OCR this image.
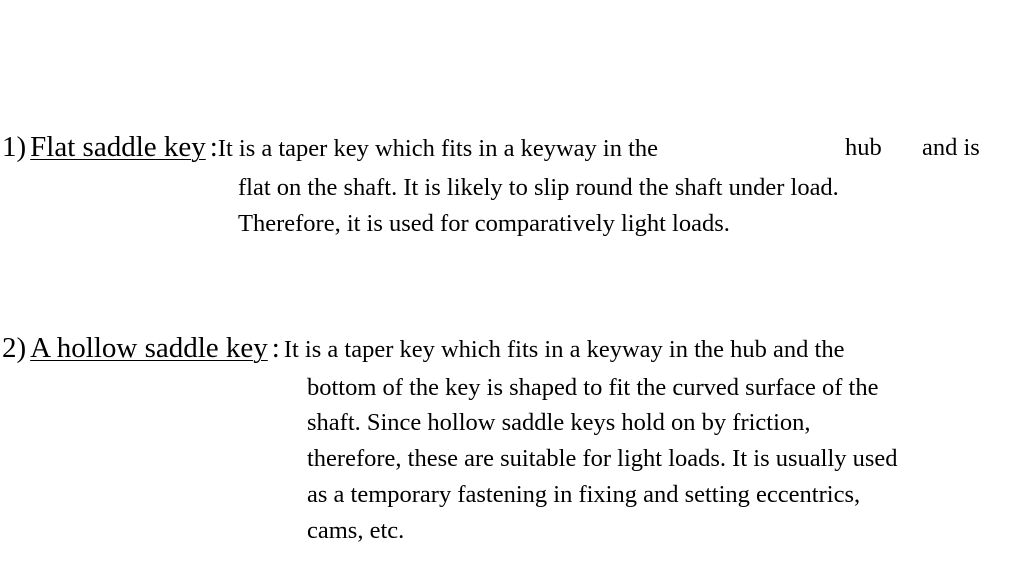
1) Flat saddle key :It is a taper key which fits in a keyway in the	hub and is
flat on the shaft. It is likely to slip round the shaft under load.
Therefore, it is used for comparatively light loads.
2) A hollow saddle key : It is a taper key which fits in a keyway in the hub and the
bottom of the key is shaped to fit the curved surface of the
shaft. Since hollow saddle keys hold on by friction,
therefore, these are suitable for light loads. It is usually used
as a temporary fastening in fixing and setting eccentrics,
cams, etc.
